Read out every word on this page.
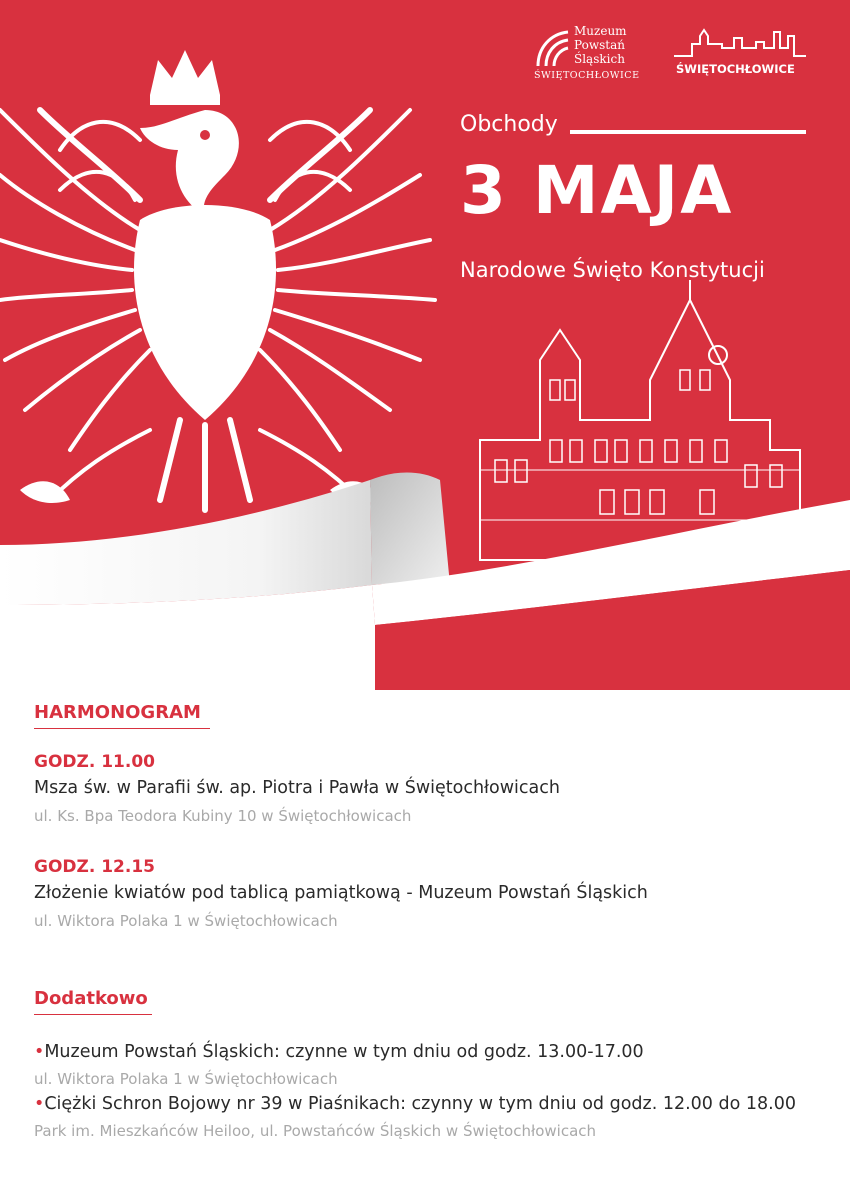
Muzeum
Powstań
Śląskich
ŚWIĘTOCHŁOWICE	ŚWIĘTOCHŁOWICE
Obchody
3 MAJA
Narodowe Święto Konstytucji
HARMONOGRAM
GODZ. 11.00
Msza św. w Parafii św. ap. Piotra i Pawła w Świętochłowicach
ul. Ks. Bpa Teodora Kubiny 10 w Świętochłowicach
GODZ. 12.15
Złożenie kwiatów pod tablicą pamiątkową - Muzeum Powstań Śląskich
ul. Wiktora Polaka 1 w Świętochłowicach
Dodatkowo
•Muzeum Powstań Śląskich: czynne w tym dniu od godz. 13.00-17.00
ul. Wiktora Polaka 1 w Świętochłowicach
•Ciężki Schron Bojowy nr 39 w Piaśnikach: czynny w tym dniu od godz. 12.00 do 18.00
Park im. Mieszkańców Heiloo, ul. Powstańców Śląskich w Świętochłowicach
